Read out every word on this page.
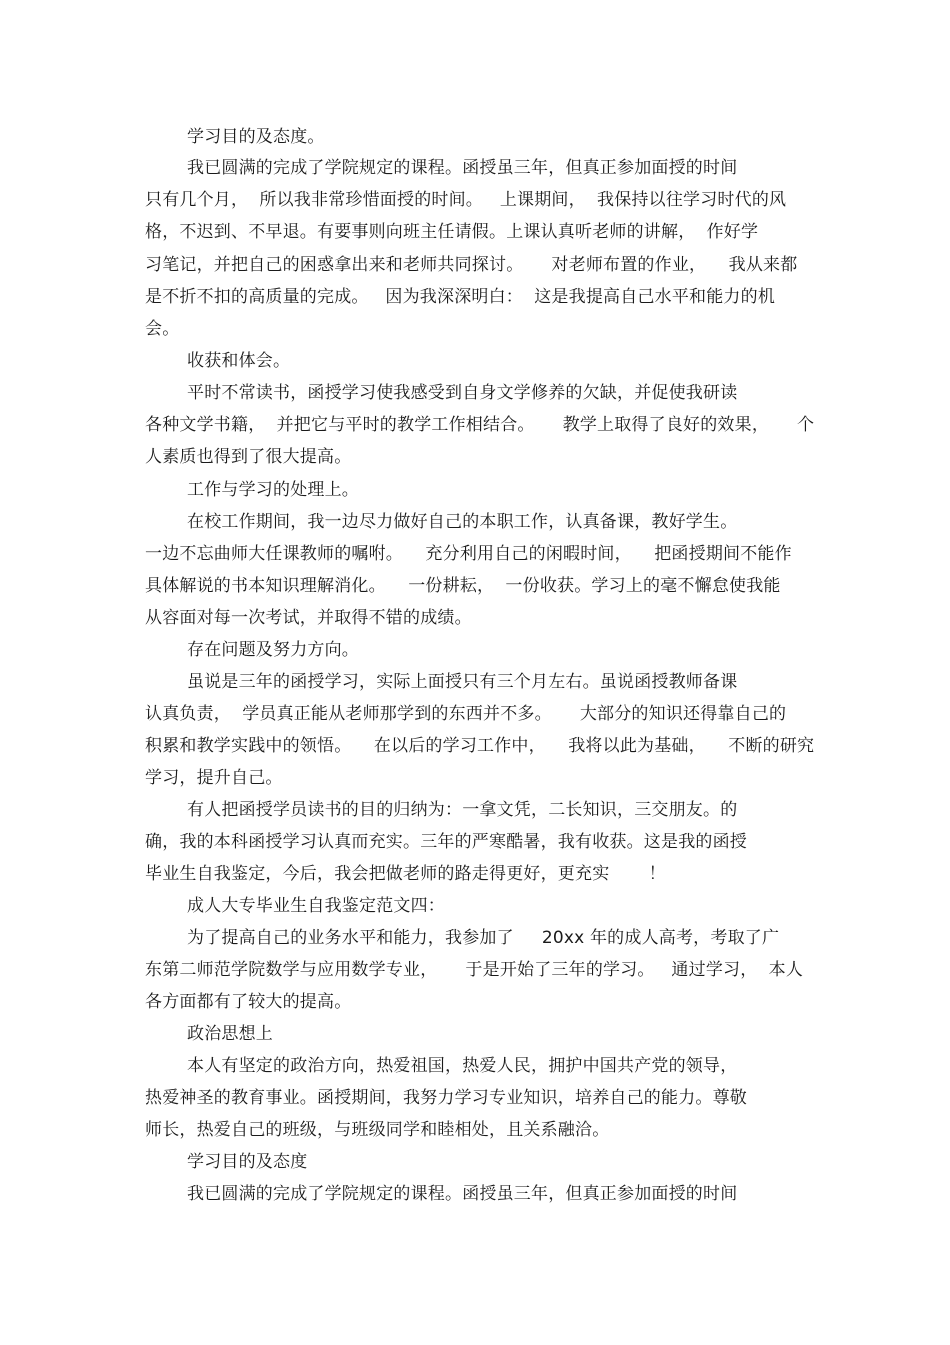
学习目的及态度。
我已圆满的完成了学院规定的课程。函授虽三年，但真正参加面授的时间
只有几个月，  所以我非常珍惜面授的时间。   上课期间，  我保持以往学习时代的风
格，不迟到、不早退。有要事则向班主任请假。上课认真听老师的讲解，  作好学
习笔记，并把自己的困惑拿出来和老师共同探讨。     对老师布置的作业，    我从来都
是不折不扣的高质量的完成。   因为我深深明白：  这是我提高自己水平和能力的机
会。
收获和体会。
平时不常读书，函授学习使我感受到自身文学修养的欠缺，并促使我研读
各种文学书籍，  并把它与平时的教学工作相结合。     教学上取得了良好的效果，     个
人素质也得到了很大提高。
工作与学习的处理上。
在校工作期间，我一边尽力做好自己的本职工作，认真备课，教好学生。
一边不忘曲师大任课教师的嘱咐。    充分利用自己的闲暇时间，    把函授期间不能作
具体解说的书本知识理解消化。    一份耕耘，  一份收获。学习上的毫不懈怠使我能
从容面对每一次考试，并取得不错的成绩。
存在问题及努力方向。
虽说是三年的函授学习，实际上面授只有三个月左右。虽说函授教师备课
认真负责，  学员真正能从老师那学到的东西并不多。     大部分的知识还得靠自己的
积累和教学实践中的领悟。    在以后的学习工作中，    我将以此为基础，    不断的研究
学习，提升自己。
有人把函授学员读书的目的归纳为：一拿文凭，二长知识，三交朋友。的
确，我的本科函授学习认真而充实。三年的严寒酷暑，我有收获。这是我的函授
毕业生自我鉴定，今后，我会把做老师的路走得更好，更充实       ！
成人大专毕业生自我鉴定范文四：
为了提高自己的业务水平和能力，我参加了     20xx 年的成人高考，考取了广
东第二师范学院数学与应用数学专业，     于是开始了三年的学习。   通过学习，  本人
各方面都有了较大的提高。
政治思想上
本人有坚定的政治方向，热爱祖国，热爱人民，拥护中国共产党的领导，
热爱神圣的教育事业。函授期间，我努力学习专业知识，培养自己的能力。尊敬
师长，热爱自己的班级，与班级同学和睦相处，且关系融洽。
学习目的及态度
我已圆满的完成了学院规定的课程。函授虽三年，但真正参加面授的时间
